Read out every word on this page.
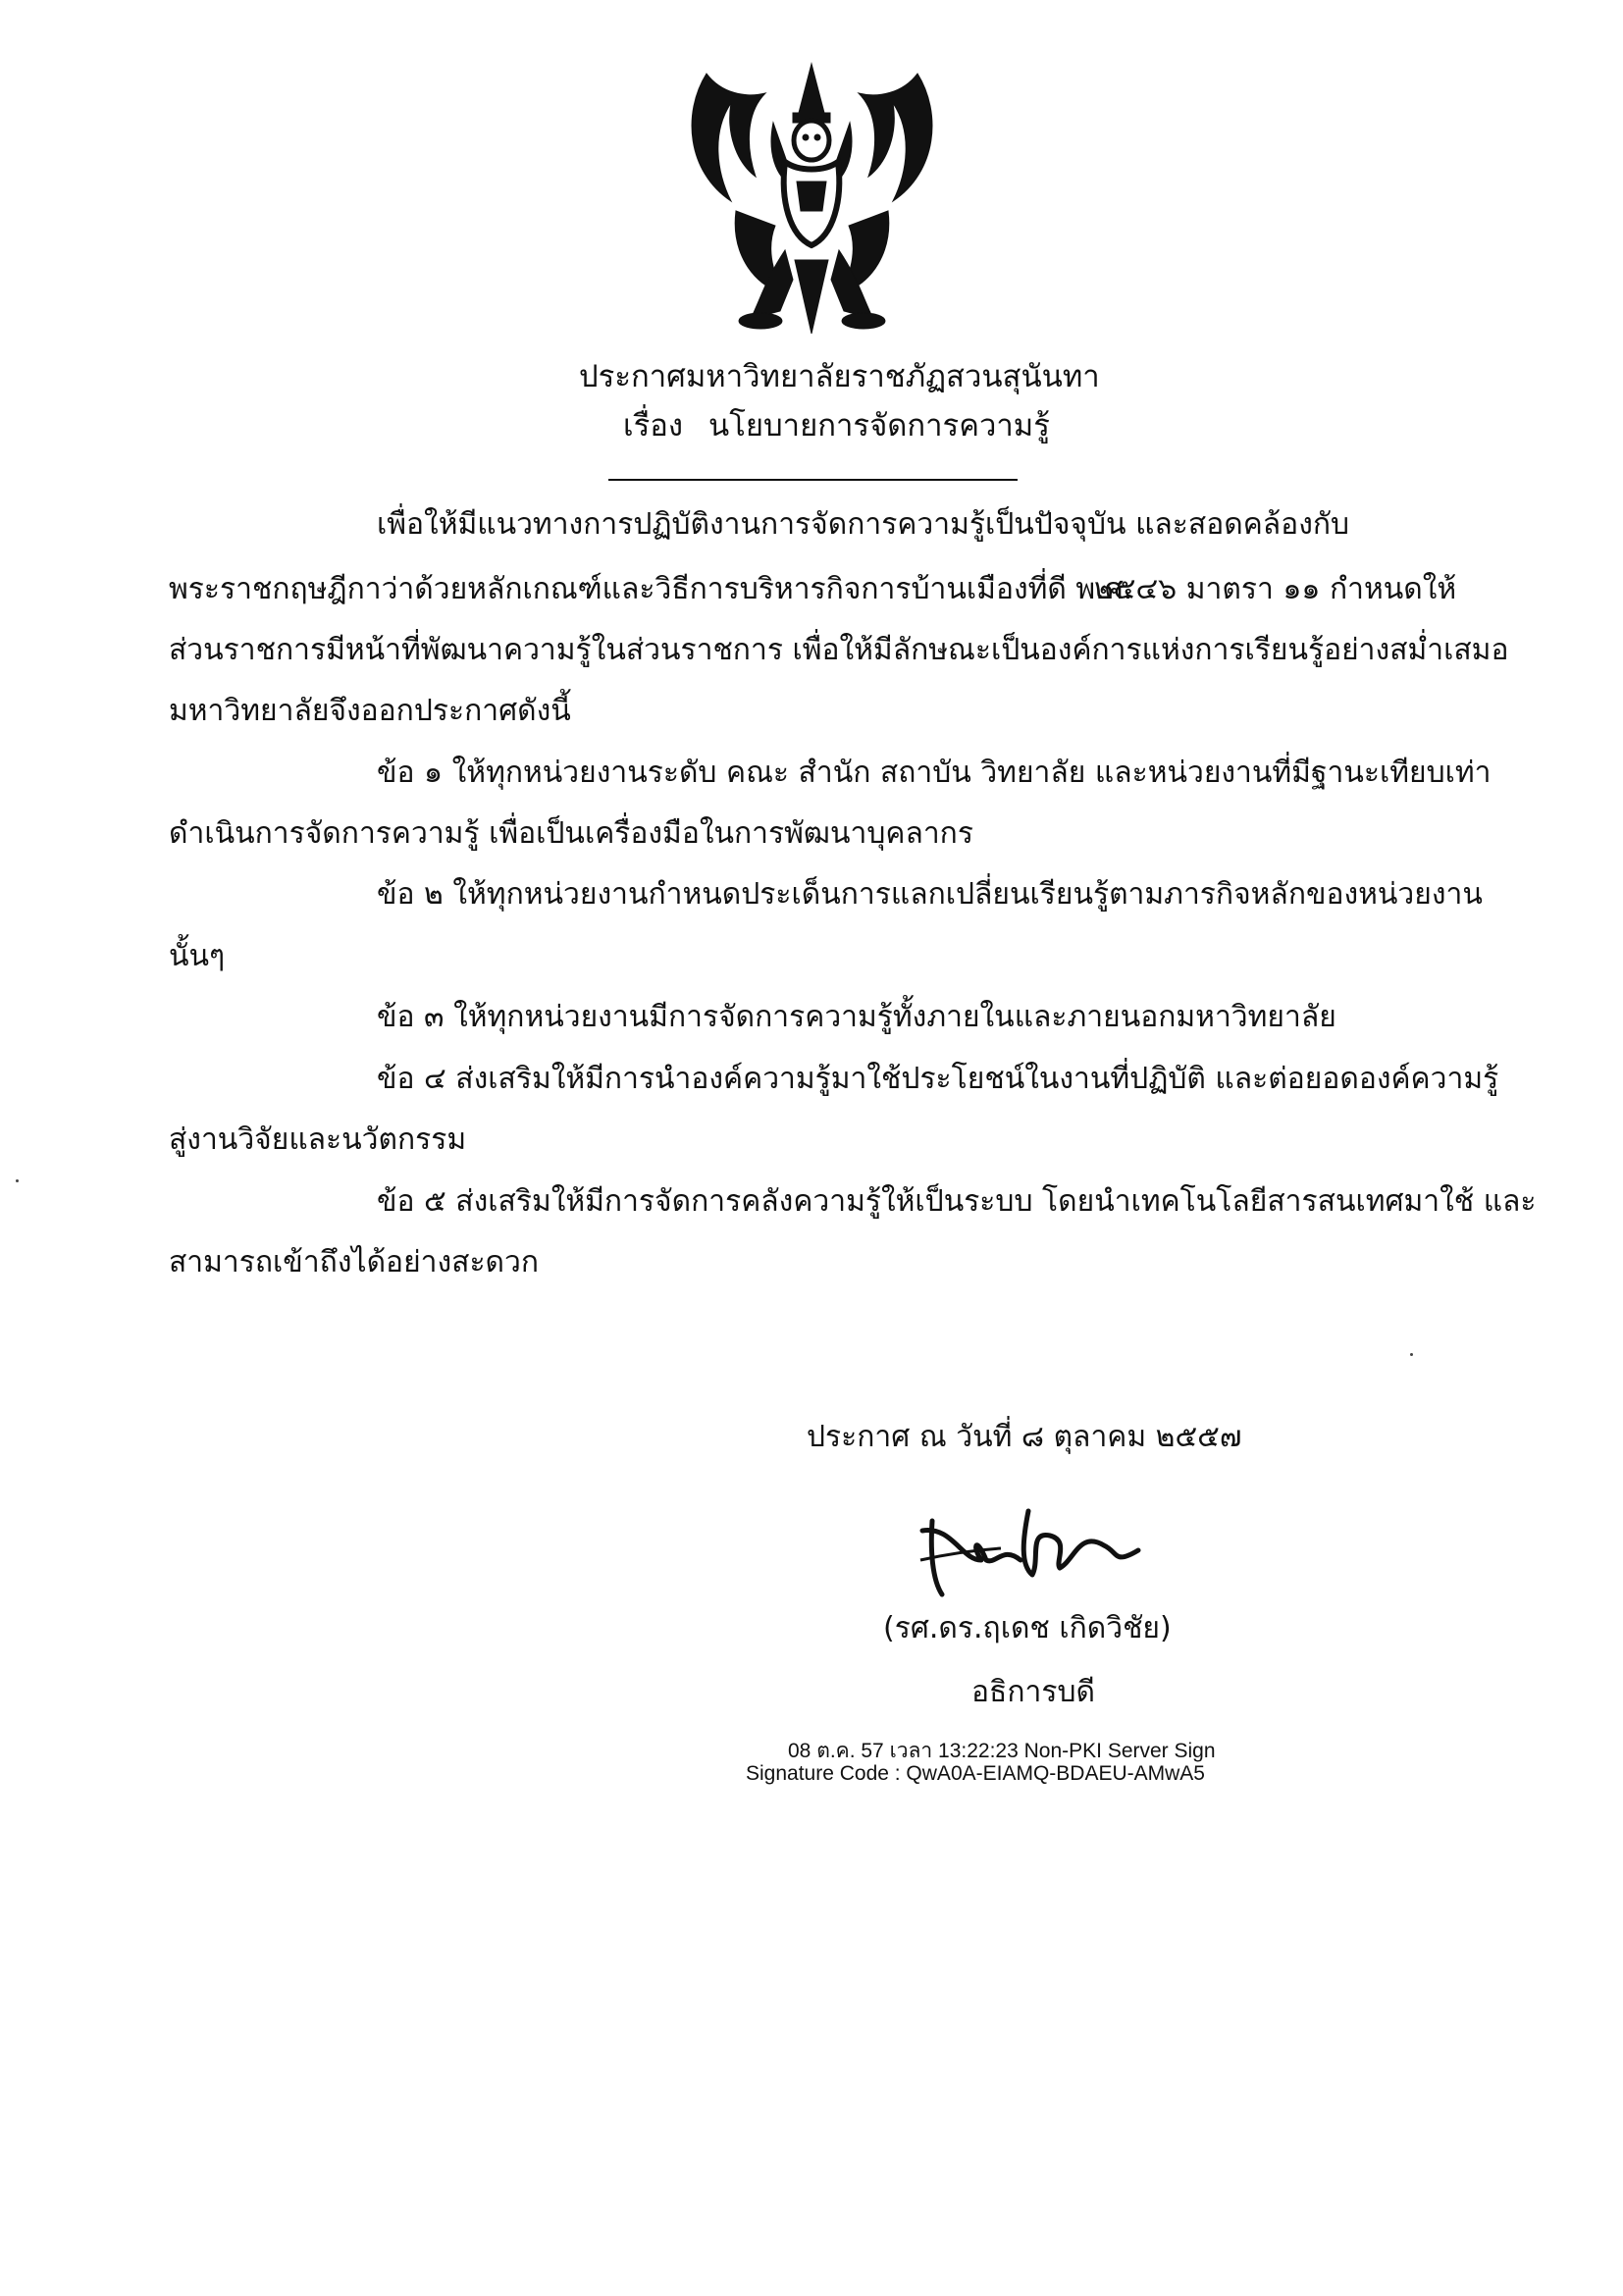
ประกาศมหาวิทยาลัยราชภัฏสวนสุนันทา
เรื่อง นโยบายการจัดการความรู้
เพื่อให้มีแนวทางการปฏิบัติงานการจัดการความรู้เป็นปัจจุบัน และสอดคล้องกับ
พระราชกฤษฎีกาว่าด้วยหลักเกณฑ์และวิธีการบริหารกิจการบ้านเมืองที่ดี พ.ศ.
๒๕๔๖ มาตรา ๑๑ กำหนดให้
ส่วนราชการมีหน้าที่พัฒนาความรู้ในส่วนราชการ เพื่อให้มีลักษณะเป็นองค์การแห่งการเรียนรู้อย่างสม่ำเสมอ
มหาวิทยาลัยจึงออกประกาศดังนี้
ข้อ ๑ ให้ทุกหน่วยงานระดับ คณะ สำนัก สถาบัน วิทยาลัย และหน่วยงานที่มีฐานะเทียบเท่า
ดำเนินการจัดการความรู้ เพื่อเป็นเครื่องมือในการพัฒนาบุคลากร
ข้อ ๒ ให้ทุกหน่วยงานกำหนดประเด็นการแลกเปลี่ยนเรียนรู้ตามภารกิจหลักของหน่วยงาน
นั้นๆ
ข้อ ๓ ให้ทุกหน่วยงานมีการจัดการความรู้ทั้งภายในและภายนอกมหาวิทยาลัย
ข้อ ๔ ส่งเสริมให้มีการนำองค์ความรู้มาใช้ประโยชน์ในงานที่ปฏิบัติ และต่อยอดองค์ความรู้
สู่งานวิจัยและนวัตกรรม
ข้อ ๕ ส่งเสริมให้มีการจัดการคลังความรู้ให้เป็นระบบ โดยนำเทคโนโลยีสารสนเทศมาใช้ และ
สามารถเข้าถึงได้อย่างสะดวก
ประกาศ ณ วันที่ ๘ ตุลาคม ๒๕๕๗
(รศ.ดร.ฤเดช เกิดวิชัย)
อธิการบดี
08 ต.ค. 57 เวลา 13:22:23 Non-PKI Server Sign
Signature Code : QwA0A-EIAMQ-BDAEU-AMwA5
